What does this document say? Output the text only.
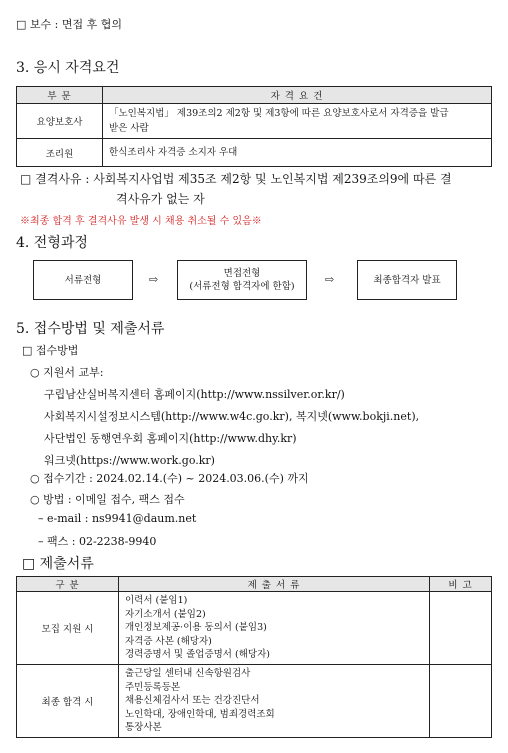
□ 보수 : 면접 후 협의
3. 응시 자격요건
부 문	자 격 요 건
요양보호사	「노인복지법」 제39조의2 제2항 및 제3항에 따른 요양보호사로서 자격증을 발급
받은 사람

조리원	한식조리사 자격증 소지자 우대
□ 결격사유 : 사회복지사업법 제35조 제2항 및 노인복지법 제239조의9에 따른 결
격사유가 없는 자
※최종 합격 후 결격사유 발생 시 채용 취소될 수 있음※
4. 전형과정
서류전형	⇨	면접전형
(서류전형 합격자에 한함)
⇨	최종합격자 발표
5. 접수방법 및 제출서류
□ 접수방법
○ 지원서 교부:
구립남산실버복지센터 홈페이지(http://www.nssilver.or.kr/)
사회복지시설정보시스템(http://www.w4c.go.kr), 복지넷(www.bokji.net),
사단법인 동행연우회 홈페이지(http://www.dhy.kr)
워크넷(https://www.work.go.kr)
○ 접수기간 : 2024.02.14.(수) ~ 2024.03.06.(수) 까지
○ 방법 : 이메일 접수, 팩스 접수
– e-mail : ns9941@daum.net
– 팩스 : 02-2238-9940
□ 제출서류
구 분	제 출 서 류	비 고
모집 지원 시	이력서 (붙임1)
자기소개서 (붙임2)
개인정보제공·이용 동의서 (붙임3)
자격증 사본 (해당자)
경력증명서 및 졸업증명서 (해당자)	

최종 합격 시	출근당일 센터내 신속항원검사
주민등록등본
채용신체검사서 또는 건강진단서
노인학대, 장애인학대, 범죄경력조회
통장사본	
